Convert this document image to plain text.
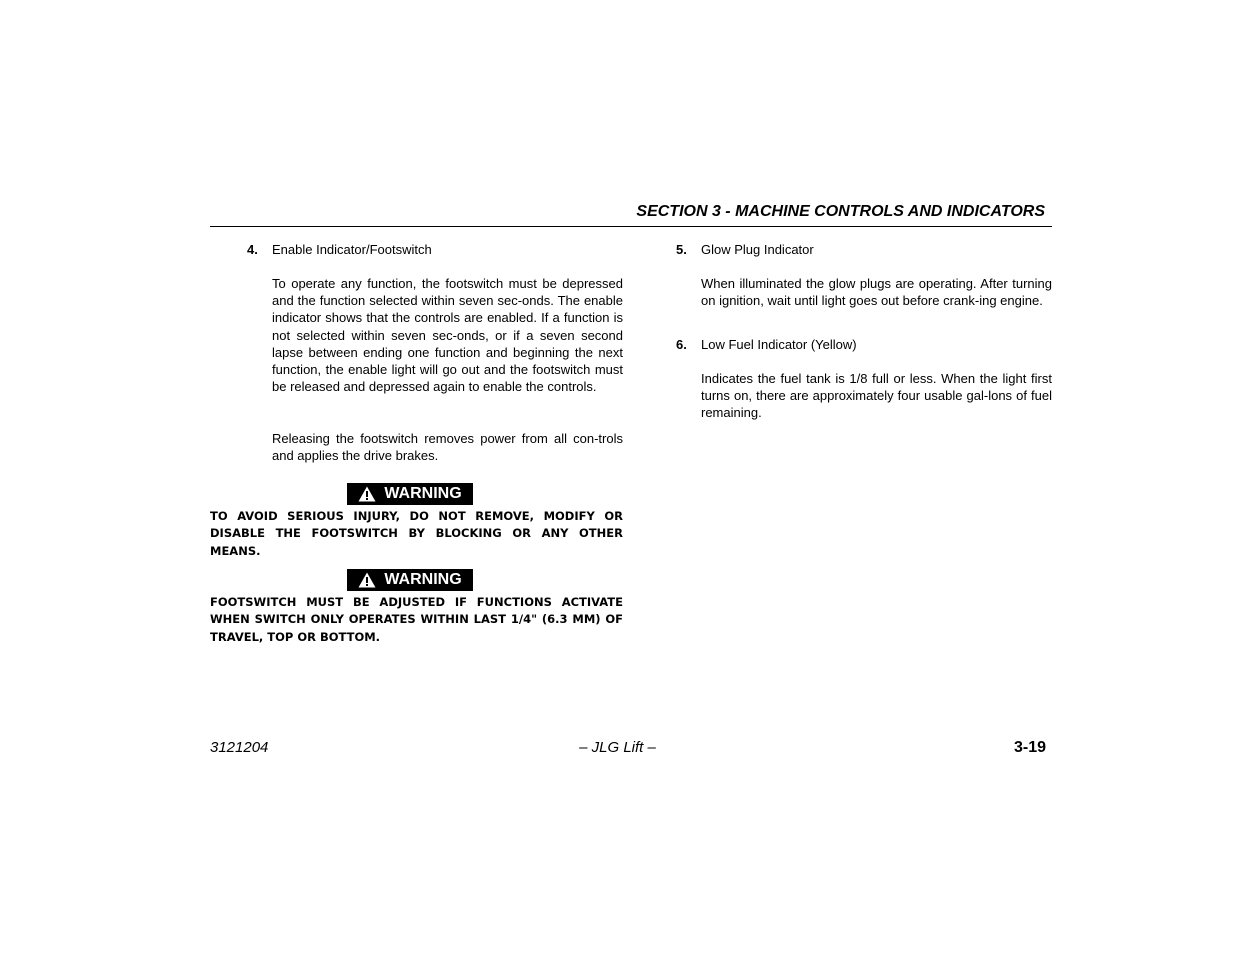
SECTION 3 - MACHINE CONTROLS AND INDICATORS
4. Enable Indicator/Footswitch

To operate any function, the footswitch must be depressed and the function selected within seven sec-onds. The enable indicator shows that the controls are enabled. If a function is not selected within seven sec-onds, or if a seven second lapse between ending one function and beginning the next function, the enable light will go out and the footswitch must be released and depressed again to enable the controls.

Releasing the footswitch removes power from all con-trols and applies the drive brakes.

WARNING

TO AVOID SERIOUS INJURY, DO NOT REMOVE, MODIFY OR DISABLE THE FOOTSWITCH BY BLOCKING OR ANY OTHER MEANS.

WARNING

FOOTSWITCH MUST BE ADJUSTED IF FUNCTIONS ACTIVATE WHEN SWITCH ONLY OPERATES WITHIN LAST 1/4" (6.3 MM) OF TRAVEL, TOP OR BOTTOM.

5. Glow Plug Indicator

When illuminated the glow plugs are operating. After turning on ignition, wait until light goes out before crank-ing engine.

6. Low Fuel Indicator (Yellow)

Indicates the fuel tank is 1/8 full or less. When the light first turns on, there are approximately four usable gal-lons of fuel remaining.

3121204	– JLG Lift –	3-19
